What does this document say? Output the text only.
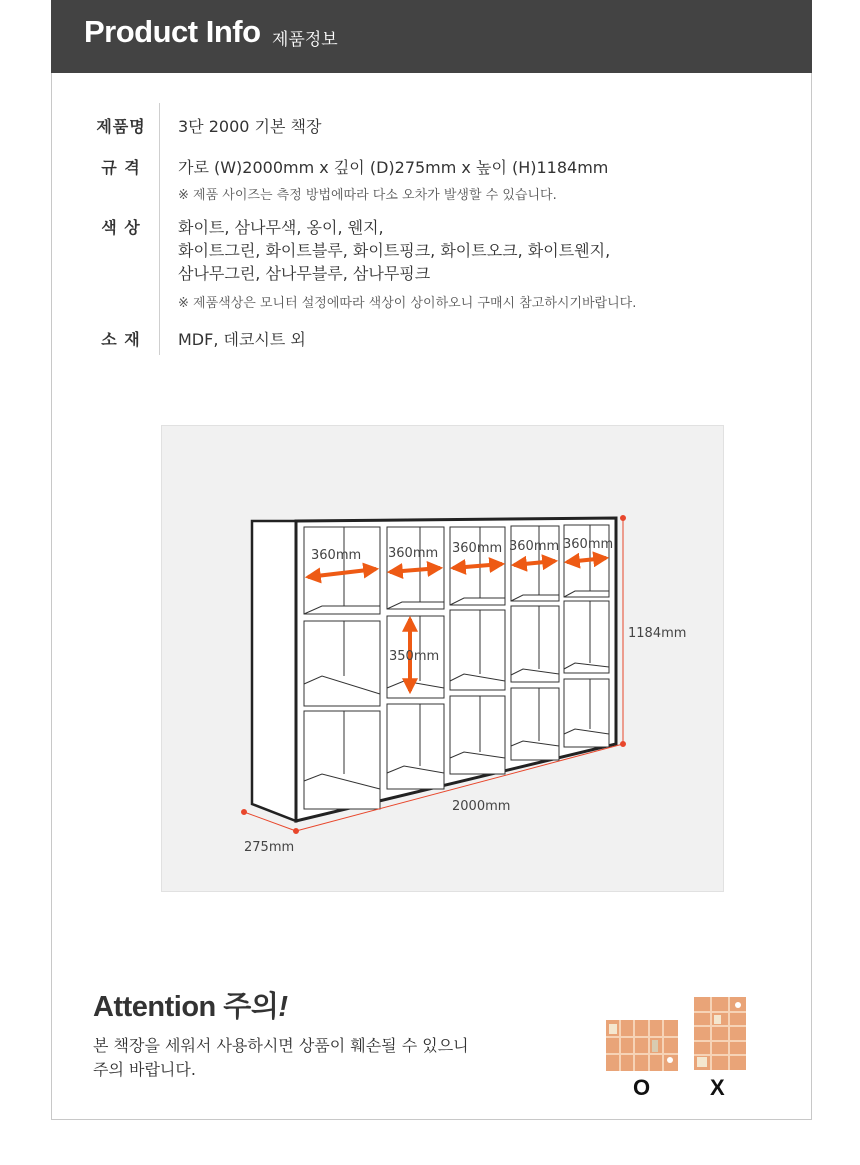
Product Info 제품정보
제품명	3단 2000 기본 책장
규 격	가로 (W)2000mm x 깊이 (D)275mm x 높이 (H)1184mm
※ 제품 사이즈는 측정 방법에따라 다소 오차가 발생할 수 있습니다.
색 상	화이트, 삼나무색, 옹이, 웬지,
화이트그린, 화이트블루, 화이트핑크, 화이트오크, 화이트웬지,
삼나무그린, 삼나무블루, 삼나무핑크
※ 제품색상은 모니터 설정에따라 색상이 상이하오니 구매시 참고하시기바랍니다.
소 재	MDF, 데코시트 외
360mm 360mm 360mm 360mm 360mm
350mm
1184mm
2000mm
275mm
Attention 주의!
본 책장을 세워서 사용하시면 상품이 훼손될 수 있으니
주의 바랍니다.
O	X
